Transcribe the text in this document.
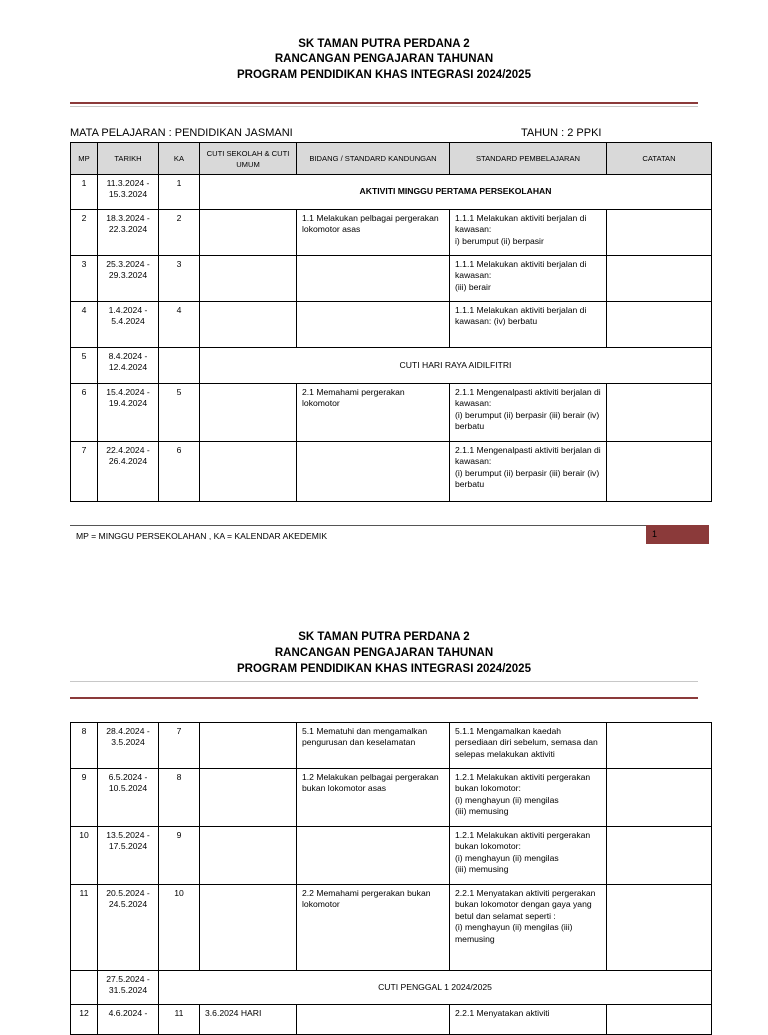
SK TAMAN PUTRA PERDANA 2
RANCANGAN PENGAJARAN TAHUNAN
PROGRAM PENDIDIKAN KHAS INTEGRASI 2024/2025
MATA PELAJARAN : PENDIDIKAN JASMANI	TAHUN : 2 PPKI
MP	TARIKH	KA	CUTI SEKOLAH & CUTI UMUM	BIDANG / STANDARD KANDUNGAN	STANDARD PEMBELAJARAN	CATATAN
1	11.3.2024 - 15.3.2024	1	AKTIVITI MINGGU PERTAMA PERSEKOLAHAN			
2	18.3.2024 - 22.3.2024	2		1.1 Melakukan pelbagai pergerakan lokomotor asas	1.1.1 Melakukan aktiviti berjalan di kawasan:
i) berumput (ii) berpasir	
3	25.3.2024 - 29.3.2024	3			1.1.1 Melakukan aktiviti berjalan di kawasan:
(iii) berair	
4	1.4.2024 - 5.4.2024	4			1.1.1 Melakukan aktiviti berjalan di kawasan: (iv) berbatu	
5	8.4.2024 - 12.4.2024		CUTI HARI RAYA AIDILFITRI			
6	15.4.2024 - 19.4.2024	5		2.1 Memahami pergerakan lokomotor	2.1.1 Mengenalpasti aktiviti berjalan di kawasan:
(i) berumput (ii) berpasir (iii) berair (iv) berbatu	
7	22.4.2024 - 26.4.2024	6			2.1.1 Mengenalpasti aktiviti berjalan di kawasan:
(i) berumput (ii) berpasir (iii) berair (iv) berbatu	
MP = MINGGU PERSEKOLAHAN , KA = KALENDAR AKEDEMIK	1
SK TAMAN PUTRA PERDANA 2
RANCANGAN PENGAJARAN TAHUNAN
PROGRAM PENDIDIKAN KHAS INTEGRASI 2024/2025
8	28.4.2024 - 3.5.2024	7		5.1 Mematuhi dan mengamalkan pengurusan dan keselamatan	5.1.1 Mengamalkan kaedah persediaan diri sebelum, semasa dan selepas melakukan aktiviti	
9	6.5.2024 - 10.5.2024	8		1.2 Melakukan pelbagai pergerakan bukan lokomotor asas	1.2.1 Melakukan aktiviti pergerakan bukan lokomotor:
(i) menghayun (ii) mengilas
(iii) memusing	
10	13.5.2024 - 17.5.2024	9			1.2.1 Melakukan aktiviti pergerakan bukan lokomotor:
(i) menghayun (ii) mengilas
(iii) memusing	
11	20.5.2024 - 24.5.2024	10		2.2 Memahami pergerakan bukan lokomotor	2.2.1 Menyatakan aktiviti pergerakan bukan lokomotor dengan gaya yang betul dan selamat seperti :
(i) menghayun (ii) mengilas (iii) memusing	
	27.5.2024 - 31.5.2024	CUTI PENGGAL 1 2024/2025				
12	4.6.2024 -	11	3.6.2024 HARI		2.2.1 Menyatakan aktiviti	
